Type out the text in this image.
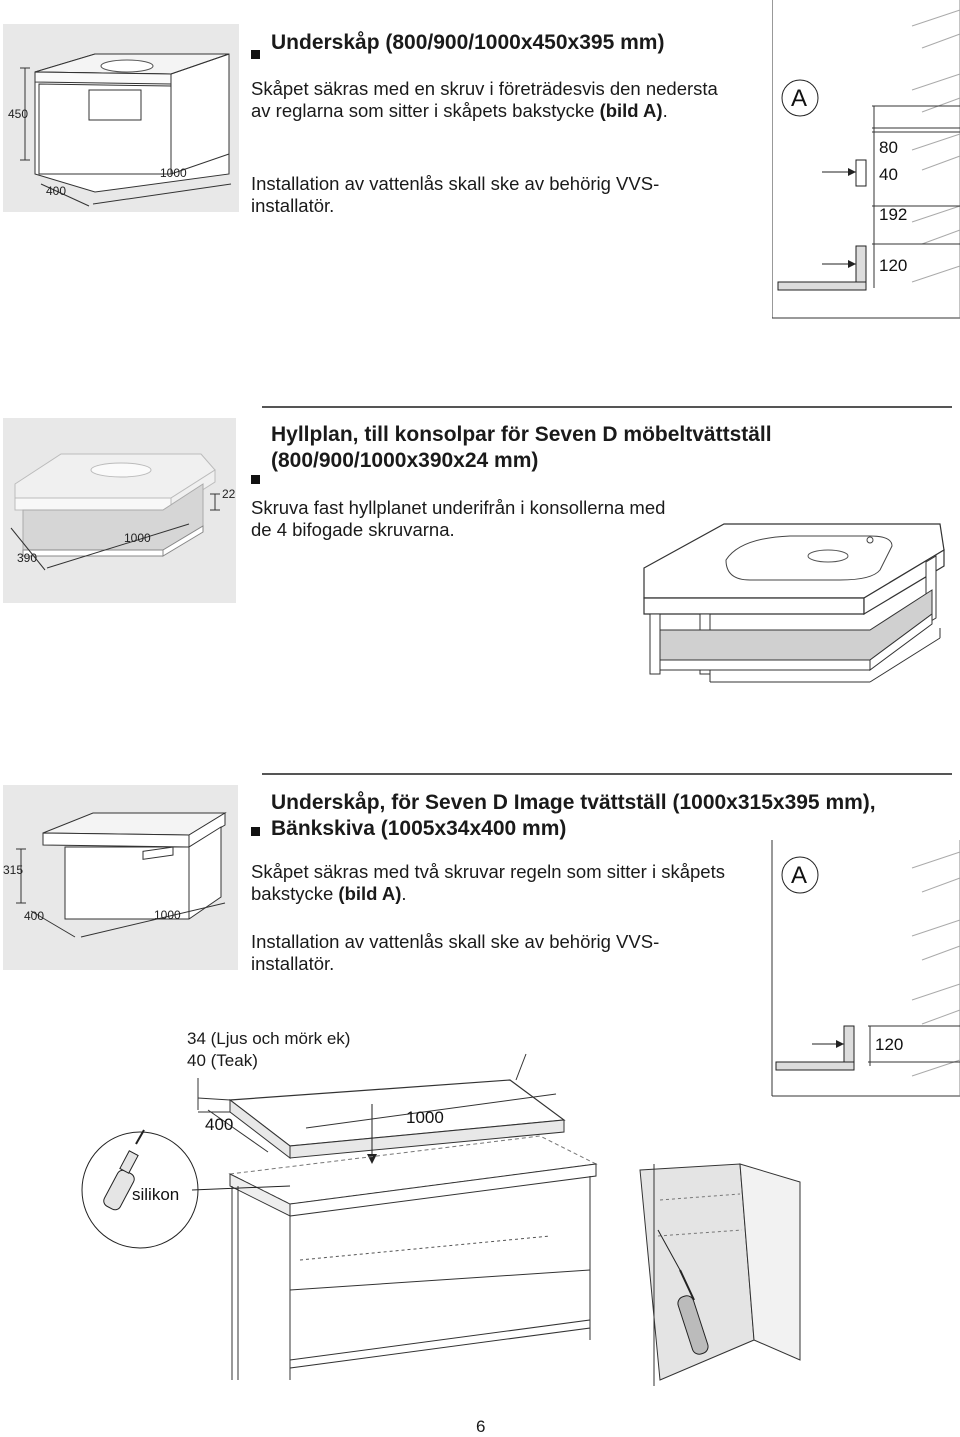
450
400
1000
Underskåp (800/900/1000x450x395 mm)
Skåpet säkras med en skruv i företrädesvis den nedersta av reglarna som sitter i skåpets bakstycke (bild A).
Installation av vattenlås skall ske av behörig VVS-installatör.
A
80
40
192
120
22
1000
390
Hyllplan, till konsolpar för Seven D möbeltvättställ
(800/900/1000x390x24 mm)
Skruva fast hyllplanet underifrån i konsollerna med de 4 bifogade skruvarna.
315
400	1000
Underskåp, för Seven D Image tvättställ (1000x315x395 mm),
Bänkskiva (1005x34x400 mm)
Skåpet säkras med två skruvar regeln som sitter i skåpets bakstycke (bild A).
Installation av vattenlås skall ske av behörig VVS-installatör.
A
120
34 (Ljus och mörk ek)
40 (Teak)
400	1000
silikon
6
